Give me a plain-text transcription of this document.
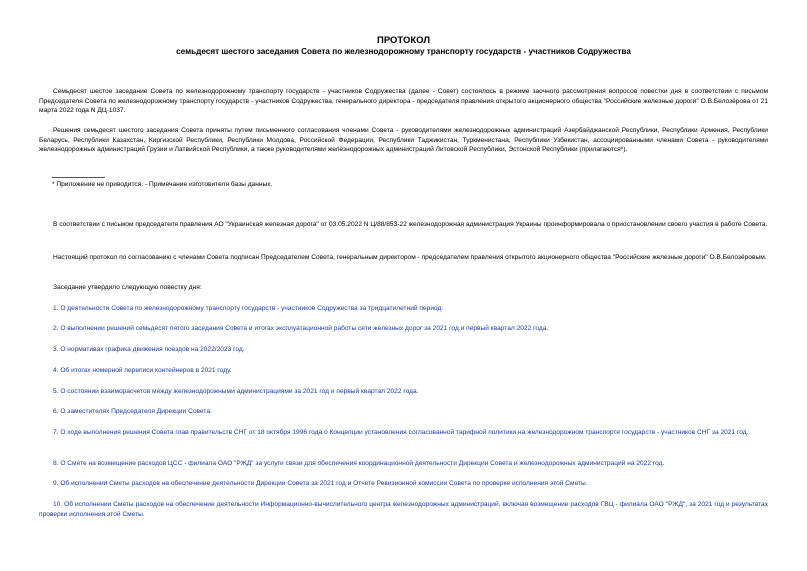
ПРОТОКОЛ
семьдесят шестого заседания Совета по железнодорожному транспорту государств - участников Содружества

Семьдесят шестое заседание Совета по железнодорожному транспорту государств - участников Содружества (далее - Совет) состоялось в режиме заочного рассмотрения вопросов повестки дня в соответствии с письмом Председателя Совета по железнодорожному транспорту государств - участников Содружества, генерального директора - председателя правления открытого акционерного общества "Российские железные дороги" О.В.Белозёрова от 21 марта 2022 года N ДЦ-1037.

Решения семьдесят шестого заседания Совета приняты путем письменного согласования членами Совета - руководителями железнодорожных администраций Азербайджанской Республики, Республики Армения, Республики Беларусь, Республики Казахстан, Киргизской Республики, Республики Молдова, Российской Федерации, Республики Таджикистан, Туркменистана, Республики Узбекистан, ассоциированными членами Совета - руководителями железнодорожных администраций Грузии и Латвийской Республики, а также руководителями железнодорожных администраций Литовской Республики, Эстонской Республики (прилагаются*).

* Приложение не приводится. - Примечание изготовителя базы данных.

В соответствии с письмом председателя правления АО "Украинская железная дорога" от 03.05.2022 N Ц/88/853-22 железнодорожная администрация Украины проинформировала о приостановлении своего участия в работе Совета.

Настоящий протокол по согласованию с членами Совета подписан Председателем Совета, генеральным директором - председателем правления открытого акционерного общества "Российские железные дороги" О.В.Белозёровым.

Заседание утвердило следующую повестку дня:

1. О деятельности Совета по железнодорожному транспорту государств - участников Содружества за тридцатилетний период.

2. О выполнении решений семьдесят пятого заседания Совета и итогах эксплуатационной работы сети железных дорог за 2021 год и первый квартал 2022 года.

3. О нормативах графика движения поездов на 2022/2023 год.

4. Об итогах номерной переписи контейнеров в 2021 году.

5. О состоянии взаиморасчетов между железнодорожными администрациями за 2021 год и первый квартал 2022 года.

6. О заместителях Председателя Дирекции Совета.

7. О ходе выполнения решения Совета глав правительств СНГ от 18 октября 1996 года о Концепции установления согласованной тарифной политики на железнодорожном транспорте государств - участников СНГ за 2021 год.

8. О Смете на возмещение расходов ЦСС - филиала ОАО "РЖД" за услуги связи для обеспечения координационной деятельности Дирекции Совета и железнодорожных администраций на 2022 год.

9. Об исполнении Сметы расходов на обеспечение деятельности Дирекции Совета за 2021 год и Отчете Ревизионной комиссии Совета по проверке исполнения этой Сметы.

10. Об исполнении Сметы расходов на обеспечение деятельности Информационно-вычислительного центра железнодорожных администраций, включая возмещение расходов ГВЦ - филиала ОАО "РЖД", за 2021 год и результатах проверки исполнения этой Сметы.
